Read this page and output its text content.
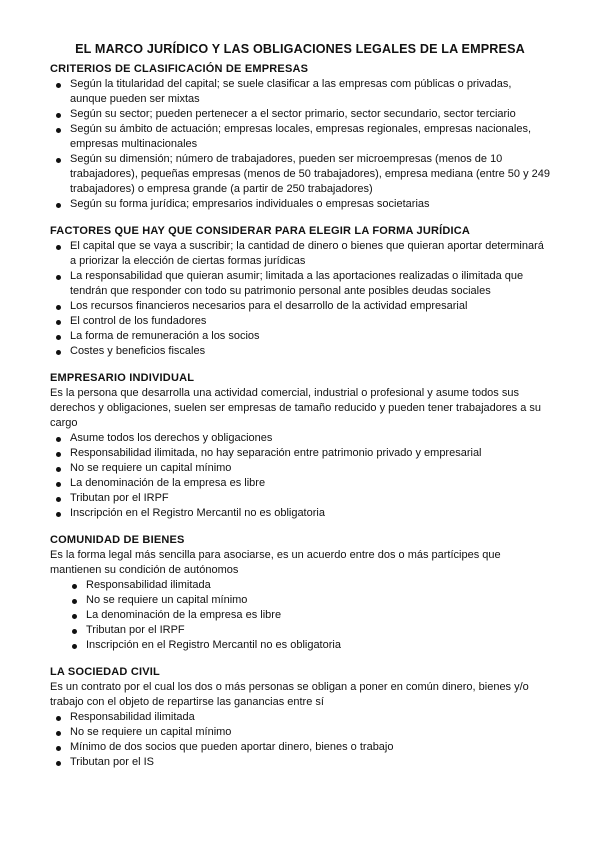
EL MARCO JURÍDICO Y LAS OBLIGACIONES LEGALES DE LA EMPRESA
CRITERIOS DE CLASIFICACIÓN DE EMPRESAS
Según la titularidad del capital; se suele clasificar a las empresas com públicas o privadas, aunque pueden ser mixtas
Según su sector; pueden pertenecer a el sector primario, sector secundario, sector terciario
Según su ámbito de actuación; empresas locales, empresas regionales, empresas nacionales, empresas multinacionales
Según su dimensión; número de trabajadores, pueden ser microempresas (menos de 10 trabajadores), pequeñas empresas (menos de 50 trabajadores), empresa mediana (entre 50 y 249 trabajadores) o empresa grande (a partir de 250 trabajadores)
Según su forma jurídica; empresarios individuales o empresas societarias
FACTORES QUE HAY QUE CONSIDERAR PARA ELEGIR LA FORMA JURÍDICA
El capital que se vaya a suscribir; la cantidad de dinero o bienes que quieran aportar determinará a priorizar la elección de ciertas formas jurídicas
La responsabilidad que quieran asumir; limitada a las aportaciones realizadas o ilimitada que tendrán que responder con todo su patrimonio personal ante posibles deudas sociales
Los recursos financieros necesarios para el desarrollo de la actividad empresarial
El control de los fundadores
La forma de remuneración a los socios
Costes y beneficios fiscales
EMPRESARIO INDIVIDUAL
Es la persona que desarrolla una actividad comercial, industrial o profesional y asume todos sus derechos y obligaciones, suelen ser empresas de tamaño reducido y pueden tener trabajadores a su cargo
Asume todos los derechos y obligaciones
Responsabilidad ilimitada, no hay separación entre patrimonio privado y empresarial
No se requiere un capital mínimo
La denominación de la empresa es libre
Tributan por el IRPF
Inscripción en el Registro Mercantil no es obligatoria
COMUNIDAD DE BIENES
Es la forma legal más sencilla para asociarse, es un acuerdo entre dos o más partícipes que mantienen su condición de autónomos
Responsabilidad ilimitada
No se requiere un capital mínimo
La denominación de la empresa es libre
Tributan por el IRPF
Inscripción en el Registro Mercantil no es obligatoria
LA SOCIEDAD CIVIL
Es un contrato por el cual los dos o más personas se obligan a poner en común dinero, bienes y/o trabajo con el objeto de repartirse las ganancias entre sí
Responsabilidad ilimitada
No se requiere un capital mínimo
Mínimo de dos socios que pueden aportar dinero, bienes o trabajo
Tributan por el IS
